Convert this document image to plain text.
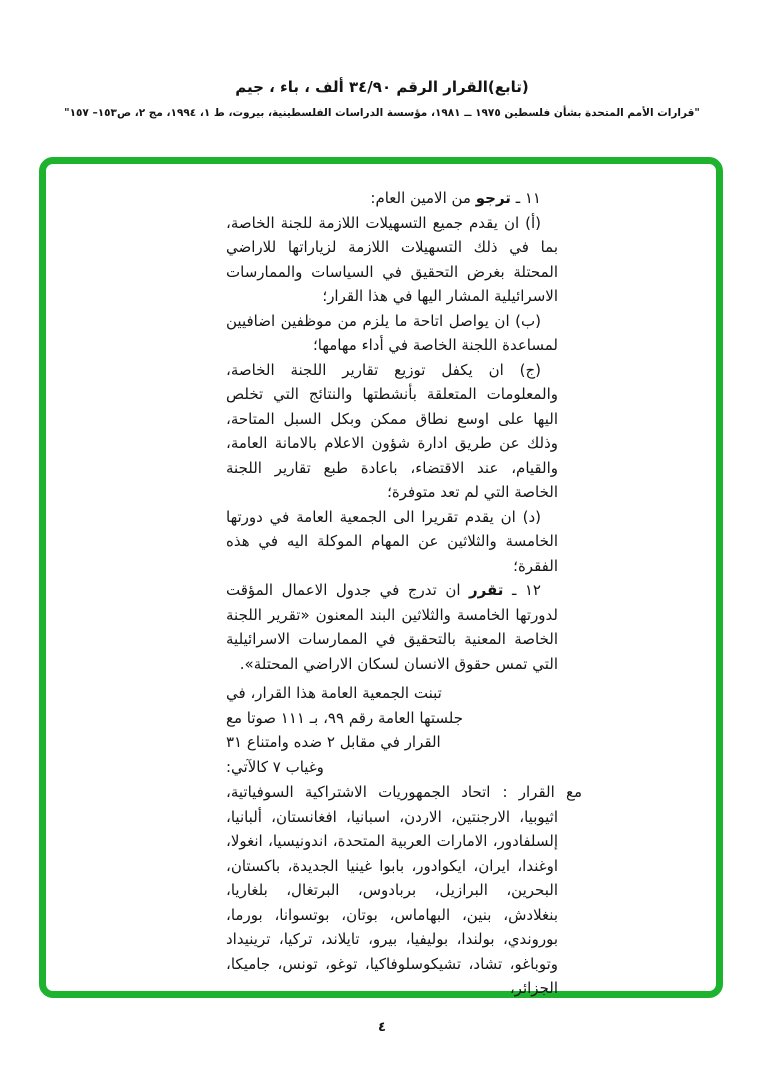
(تابع)القرار الرقم ٣٤/٩٠ ألف ، باء ، جيم
"قرارات الأمم المتحدة بشأن فلسطين ١٩٧٥ ــ ١٩٨١، مؤسسة الدراسات الفلسطينية، بيروت، ط ١، ١٩٩٤، مج ٢، ص١٥٣– ١٥٧"
١١ ـ ترجو من الامين العام:
(أ) ان يقدم جميع التسهيلات اللازمة للجنة الخاصة، بما في ذلك التسهيلات اللازمة لزياراتها للاراضي المحتلة بغرض التحقيق في السياسات والممارسات الاسرائيلية المشار اليها في هذا القرار؛
(ب) ان يواصل اتاحة ما يلزم من موظفين اضافيين لمساعدة اللجنة الخاصة في أداء مهامها؛
(ج) ان يكفل توزيع تقارير اللجنة الخاصة، والمعلومات المتعلقة بأنشطتها والنتائج التي تخلص اليها على اوسع نطاق ممكن وبكل السبل المتاحة، وذلك عن طريق ادارة شؤون الاعلام بالامانة العامة، والقيام، عند الاقتضاء، باعادة طبع تقارير اللجنة الخاصة التي لم تعد متوفرة؛
(د) ان يقدم تقريرا الى الجمعية العامة في دورتها الخامسة والثلاثين عن المهام الموكلة اليه في هذه الفقرة؛
١٢ ـ تقرر ان تدرج في جدول الاعمال المؤقت لدورتها الخامسة والثلاثين البند المعنون «تقرير اللجنة الخاصة المعنية بالتحقيق في الممارسات الاسرائيلية التي تمس حقوق الانسان لسكان الاراضي المحتلة».
تبنت الجمعية العامة هذا القرار، في جلستها العامة رقم ٩٩، بـ ١١١ صوتا مع القرار في مقابل ٢ ضده وامتناع ٣١ وغياب ٧ كالآتي:
مع القرار :اتحاد الجمهوريات الاشتراكية السوفياتية، اثيوبيا، الارجنتين، الاردن، اسبانيا، افغانستان، ألبانيا، إلسلفادور، الامارات العربية المتحدة، اندونيسيا، انغولا، اوغندا، ايران، ايكوادور، بابوا غينيا الجديدة، باكستان، البحرين، البرازيل، بربادوس، البرتغال، بلغاريا، بنغلادش، بنين، البهاماس، بوتان، بوتسوانا، بورما، بوروندي، بولندا، بوليفيا، بيرو، تايلاند، تركيا، ترينيداد وتوباغو، تشاد، تشيكوسلوفاكيا، توغو، تونس، جاميكا، الجزائر،
٤
